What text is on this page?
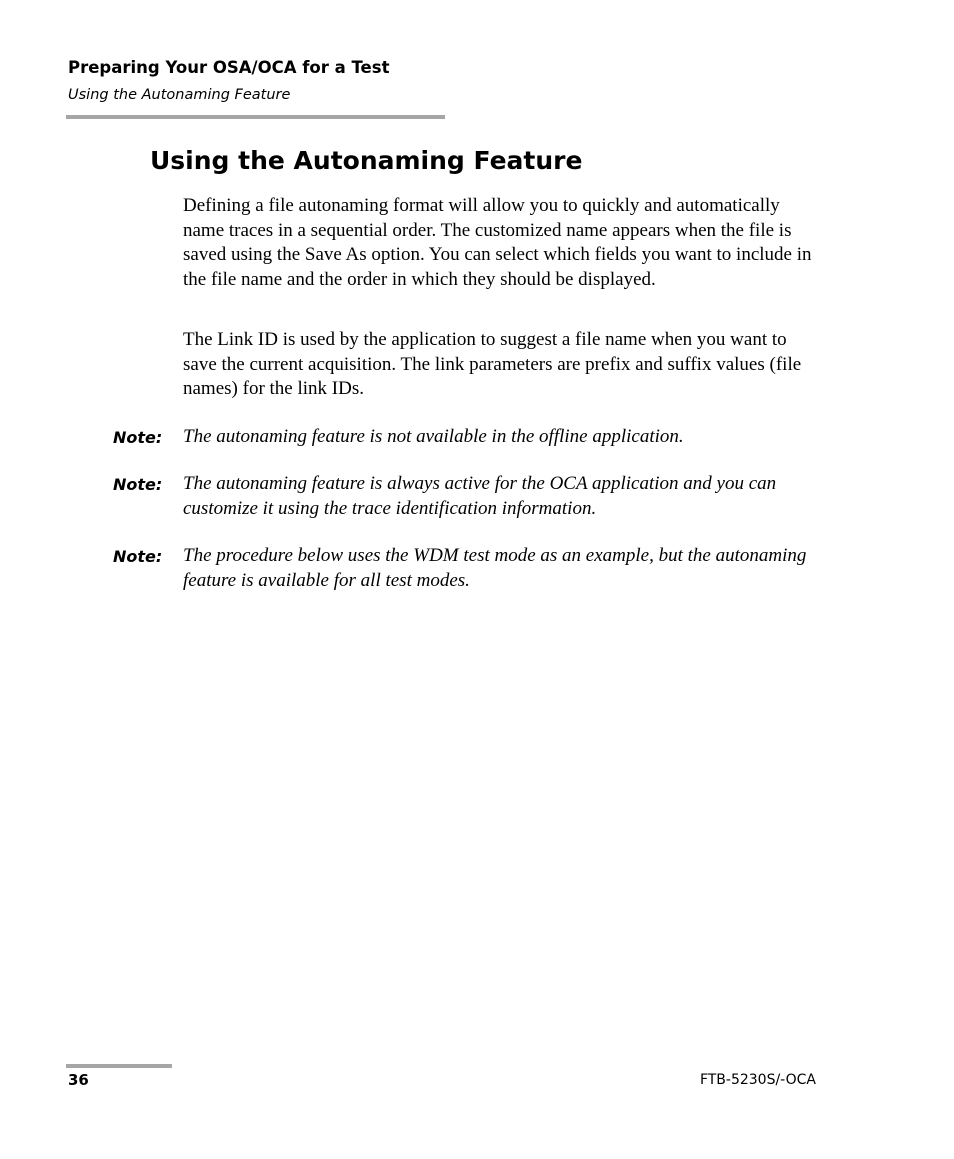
Preparing Your OSA/OCA for a Test
Using the Autonaming Feature
Using the Autonaming Feature

Defining a file autonaming format will allow you to quickly and automatically name traces in a sequential order. The customized name appears when the file is saved using the Save As option. You can select which fields you want to include in the file name and the order in which they should be displayed.

The Link ID is used by the application to suggest a file name when you want to save the current acquisition. The link parameters are prefix and suffix values (file names) for the link IDs.

Note: The autonaming feature is not available in the offline application.
Note: The autonaming feature is always active for the OCA application and you can customize it using the trace identification information.
Note: The procedure below uses the WDM test mode as an example, but the autonaming feature is available for all test modes.
36	FTB-5230S/-OCA
